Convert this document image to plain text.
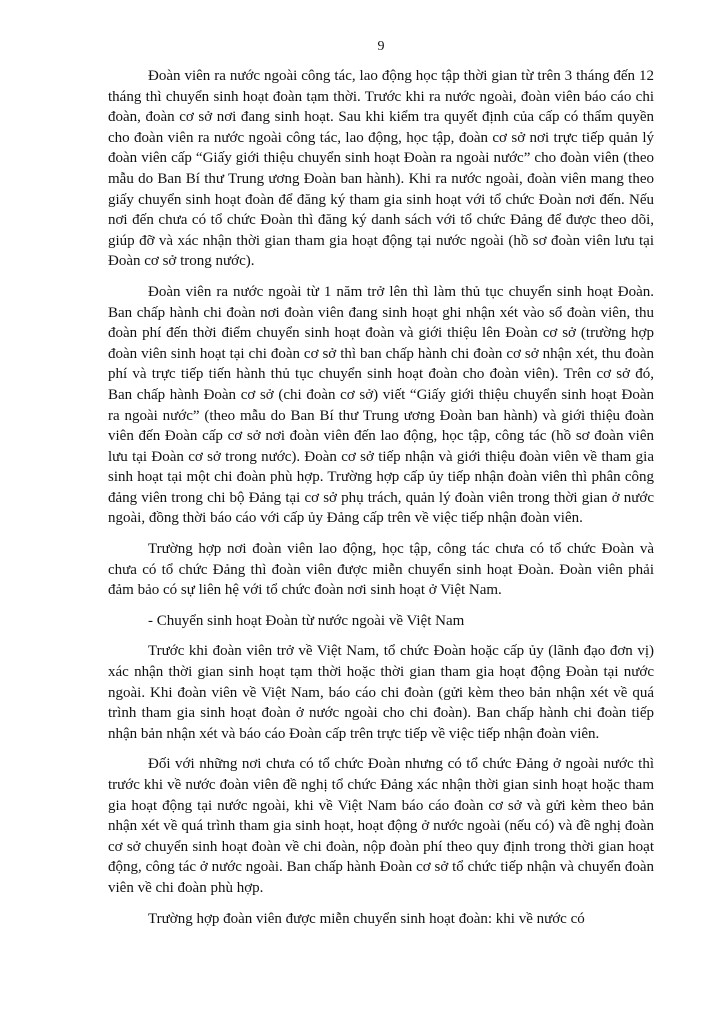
9

Đoàn viên ra nước ngoài công tác, lao động học tập thời gian từ trên 3 tháng đến 12 tháng thì chuyển sinh hoạt đoàn tạm thời. Trước khi ra nước ngoài, đoàn viên báo cáo chi đoàn, đoàn cơ sở nơi đang sinh hoạt. Sau khi kiểm tra quyết định của cấp có thẩm quyền cho đoàn viên ra nước ngoài công tác, lao động, học tập, đoàn cơ sở nơi trực tiếp quản lý đoàn viên cấp “Giấy giới thiệu chuyển sinh hoạt Đoàn ra ngoài nước” cho đoàn viên (theo mẫu do Ban Bí thư Trung ương Đoàn ban hành). Khi ra nước ngoài, đoàn viên mang theo giấy chuyển sinh hoạt đoàn để đăng ký tham gia sinh hoạt với tổ chức Đoàn nơi đến. Nếu nơi đến chưa có tổ chức Đoàn thì đăng ký danh sách với tổ chức Đảng để được theo dõi, giúp đỡ và xác nhận thời gian tham gia hoạt động tại nước ngoài (hồ sơ đoàn viên lưu tại Đoàn cơ sở trong nước).

Đoàn viên ra nước ngoài từ 1 năm trở lên thì làm thủ tục chuyển sinh hoạt Đoàn. Ban chấp hành chi đoàn nơi đoàn viên đang sinh hoạt ghi nhận xét vào sổ đoàn viên, thu đoàn phí đến thời điểm chuyển sinh hoạt đoàn và giới thiệu lên Đoàn cơ sở (trường hợp đoàn viên sinh hoạt tại chi đoàn cơ sở thì ban chấp hành chi đoàn cơ sở nhận xét, thu đoàn phí và trực tiếp tiến hành thủ tục chuyển sinh hoạt đoàn cho đoàn viên). Trên cơ sở đó, Ban chấp hành Đoàn cơ sở (chi đoàn cơ sở) viết “Giấy giới thiệu chuyển sinh hoạt Đoàn ra ngoài nước” (theo mẫu do Ban Bí thư Trung ương Đoàn ban hành) và giới thiệu đoàn viên đến Đoàn cấp cơ sở nơi đoàn viên đến lao động, học tập, công tác (hồ sơ đoàn viên lưu tại Đoàn cơ sở trong nước). Đoàn cơ sở tiếp nhận và giới thiệu đoàn viên về tham gia sinh hoạt tại một chi đoàn phù hợp. Trường hợp cấp ủy tiếp nhận đoàn viên thì phân công đảng viên trong chi bộ Đảng tại cơ sở phụ trách, quản lý đoàn viên trong thời gian ở nước ngoài, đồng thời báo cáo với cấp ủy Đảng cấp trên về việc tiếp nhận đoàn viên.

Trường hợp nơi đoàn viên lao động, học tập, công tác chưa có tổ chức Đoàn và chưa có tổ chức Đảng thì đoàn viên được miễn chuyển sinh hoạt Đoàn. Đoàn viên phải đảm bảo có sự liên hệ với tổ chức đoàn nơi sinh hoạt ở Việt Nam.

- Chuyển sinh hoạt Đoàn từ nước ngoài về Việt Nam

Trước khi đoàn viên trở về Việt Nam, tổ chức Đoàn hoặc cấp ủy (lãnh đạo đơn vị) xác nhận thời gian sinh hoạt tạm thời hoặc thời gian tham gia hoạt động Đoàn tại nước ngoài. Khi đoàn viên về Việt Nam, báo cáo chi đoàn (gửi kèm theo bản nhận xét về quá trình tham gia sinh hoạt đoàn ở nước ngoài cho chi đoàn). Ban chấp hành chi đoàn tiếp nhận bản nhận xét và báo cáo Đoàn cấp trên trực tiếp về việc tiếp nhận đoàn viên.

Đối với những nơi chưa có tổ chức Đoàn nhưng có tổ chức Đảng ở ngoài nước thì trước khi về nước đoàn viên đề nghị tổ chức Đảng xác nhận thời gian sinh hoạt hoặc tham gia hoạt động tại nước ngoài, khi về Việt Nam báo cáo đoàn cơ sở và gửi kèm theo bản nhận xét về quá trình tham gia sinh hoạt, hoạt động ở nước ngoài (nếu có) và đề nghị đoàn cơ sở chuyển sinh hoạt đoàn về chi đoàn, nộp đoàn phí theo quy định trong thời gian hoạt động, công tác ở nước ngoài. Ban chấp hành Đoàn cơ sở tổ chức tiếp nhận và chuyển đoàn viên về chi đoàn phù hợp.

Trường hợp đoàn viên được miễn chuyển sinh hoạt đoàn: khi về nước có
